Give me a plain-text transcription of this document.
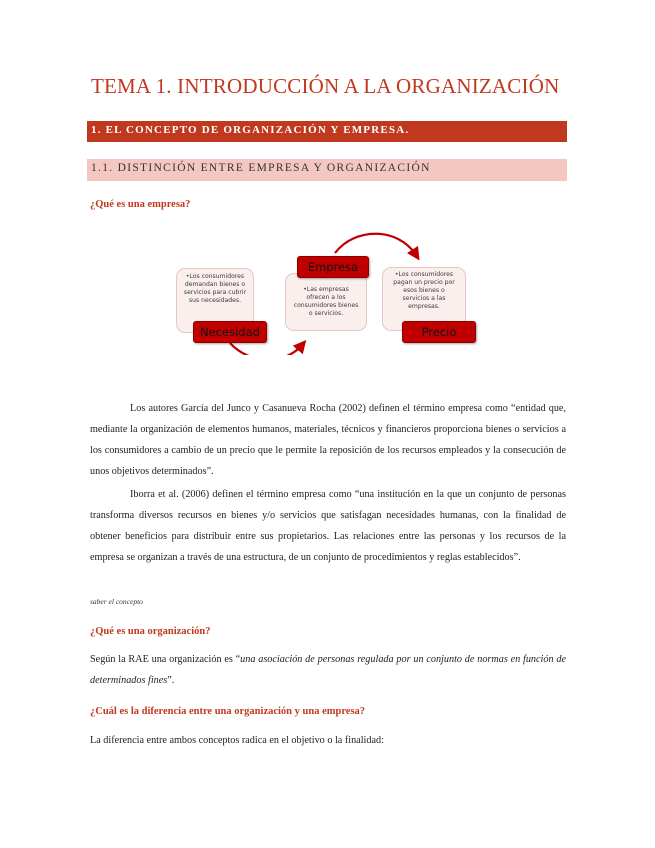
TEMA 1. INTRODUCCIÓN A LA ORGANIZACIÓN
1. EL CONCEPTO DE ORGANIZACIÓN Y EMPRESA.
1.1. DISTINCIÓN ENTRE EMPRESA Y ORGANIZACIÓN

¿Qué es una empresa?

•Los consumidores demandan bienes o servicios para cubrir sus necesidades.
•Las empresas ofrecen a los consumidores bienes o servicios.
•Los consumidores pagan un precio por esos bienes o servicios a las empresas.
Necesidad
Empresa
Precio

Los autores García del Junco y Casanueva Rocha (2002) definen el término empresa como “entidad que, mediante la organización de elementos humanos, materiales, técnicos y financieros proporciona bienes o servicios a los consumidores a cambio de un precio que le permite la reposición de los recursos empleados y la consecución de unos objetivos determinados”.

Iborra et al. (2006) definen el término empresa como “una institución en la que un conjunto de personas transforma diversos recursos en bienes y/o servicios que satisfagan necesidades humanas, con la finalidad de obtener beneficios para distribuir entre sus propietarios. Las relaciones entre las personas y los recursos de la empresa se organizan a través de una estructura, de un conjunto de procedimientos y reglas establecidos”.

saber el concepto

¿Qué es una organización?

Según la RAE una organización es “una asociación de personas regulada por un conjunto de normas en función de determinados fines”.

¿Cuál es la diferencia entre una organización y una empresa?

La diferencia entre ambos conceptos radica en el objetivo o la finalidad:
